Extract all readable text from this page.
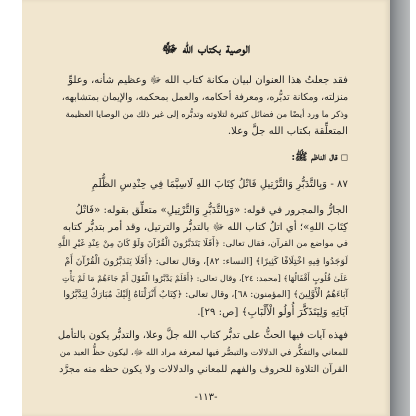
الوصية بكتاب الله ﷻ
فقد جعلتُ هذا العنوان لبيان مكانة كتاب الله ﷻ وعظيم شأنه، وعلوِّ
منزلته، ومكانة تدبُّره، ومعرفة أحكامه، والعمل بمحكمه، والإيمان بمتشابهه،
وذكر ما ورد أيضًا من فضائل كثيرة لتلاوته وتدبُّره إلى غير ذلك من الوصايا العظيمة
المتعلِّقة بكتاب الله جلَّ وعلا.
◻قال الناظم ﷺ:
٨٧ - وَبِالتَّدَبُّرِ وَالتَّرْتِيلِ فَاتْلُ كِتَابَ اللهِ لَاسِيَّمَا فِي حِنْدِسِ الظُّلَمِ
الجارُّ والمجرور في قوله: «وَبِالتَّدَبُّرِ وَالتَّرْتِيلِ» متعلِّق بقوله: «فَاتْلُ
كِتَابَ اللهِ»؛ أي اتلُ كتاب الله ﷻ بالتدبُّر والترتيل، وقد أمر بتدبُّر كتابه
في مواضع من القرآن، فقال تعالى: ﴿أَفَلَا يَتَدَبَّرُونَ الْقُرْآنَ وَلَوْ كَانَ مِنْ عِنْدِ غَيْرِ اللَّهِ
لَوَجَدُوا فِيهِ اخْتِلَافًا كَثِيرًا﴾ [النساء: ٨٢]، وقال تعالى: ﴿أَفَلَا يَتَدَبَّرُونَ الْقُرْآنَ أَمْ
عَلَىٰ قُلُوبٍ أَقْفَالُهَا﴾ [محمد: ٢٤]، وقال تعالى: ﴿أَفَلَمْ يَدَّبَّرُوا الْقَوْلَ أَمْ جَاءَهُمْ مَا لَمْ يَأْتِ
آبَاءَهُمُ الْأَوَّلِينَ﴾ [المؤمنون: ٦٨]، وقال تعالى: ﴿كِتَابٌ أَنْزَلْنَاهُ إِلَيْكَ مُبَارَكٌ لِيَدَّبَّرُوا
آيَاتِهِ وَلِيَتَذَكَّرَ أُولُو الْأَلْبَابِ﴾ [ص: ٢٩].
فهذه آيات فيها الحثُّ على تدبُّر كتاب الله جلَّ وعلا، والتدبُّر يكون بالتأمل
للمعاني والتفكُّر في الدلالات والتبصُّر فيها لمعرفة مراد الله ﷻ، ليكون حظُّ العبد من
القرآن التلاوة للحروف والفهم للمعاني والدلالات ولا يكون حظه منه مجرَّد
-١١٣-
